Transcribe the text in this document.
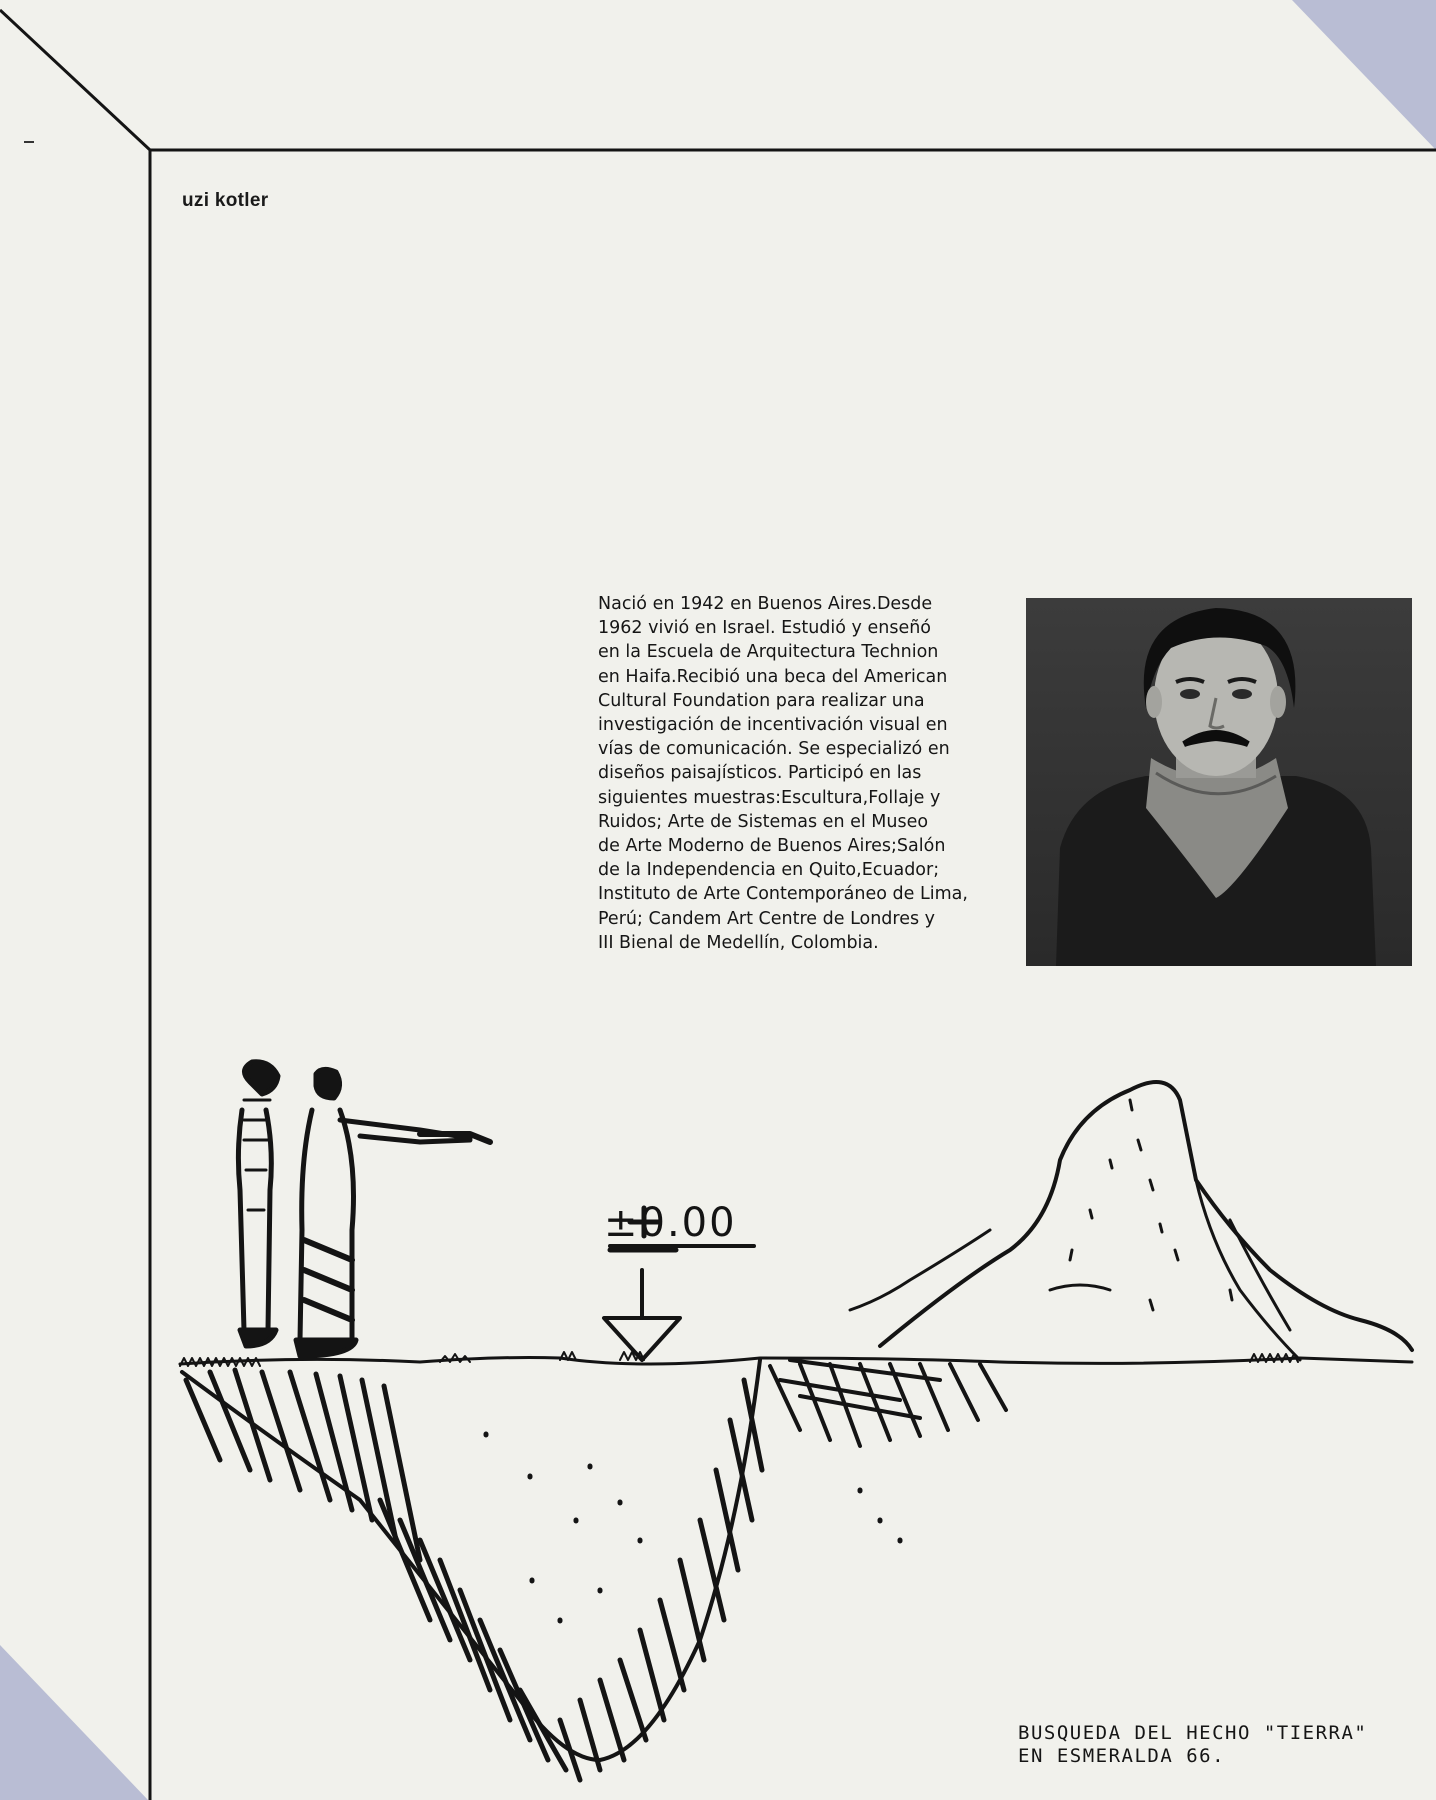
uzi kotler
Nació en 1942 en Buenos Aires.Desde
1962 vivió en Israel. Estudió y enseñó
en la Escuela de Arquitectura Technion
en Haifa.Recibió una beca del American
Cultural Foundation para realizar una
investigación de incentivación visual en
vías de comunicación. Se especializó en
diseños paisajísticos. Participó en las
siguientes muestras:Escultura,Follaje y
Ruidos; Arte de Sistemas en el Museo
de Arte Moderno de Buenos Aires;Salón
de la Independencia en Quito,Ecuador;
Instituto de Arte Contemporáneo de Lima,
Perú; Candem Art Centre de Londres y
III Bienal de Medellín, Colombia.
±0.00
BUSQUEDA DEL HECHO "TIERRA"
EN ESMERALDA 66.
